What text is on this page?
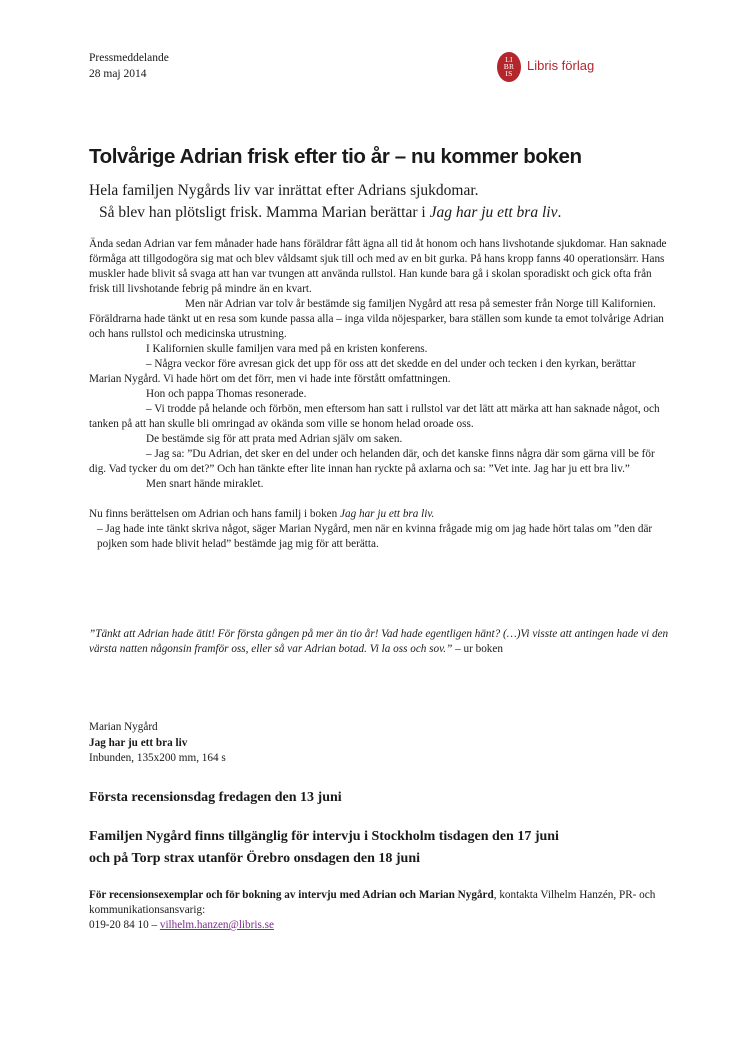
Pressmeddelande
28 maj 2014
LI
BR
IS
Libris förlag
Tolvårige Adrian frisk efter tio år – nu kommer boken
Hela familjen Nygårds liv var inrättat efter Adrians sjukdomar.
Så blev han plötsligt frisk. Mamma Marian berättar i Jag har ju ett bra liv.

Ända sedan Adrian var fem månader hade hans föräldrar fått ägna all tid åt honom och hans livshotande sjukdomar. Han saknade förmåga att tillgodogöra sig mat och blev våldsamt sjuk till och med av en bit gurka. På hans kropp fanns 40 operationsärr. Hans muskler hade blivit så svaga att han var tvungen att använda rullstol. Han kunde bara gå i skolan sporadiskt och gick ofta från frisk till livshotande febrig på mindre än en kvart.

Men när Adrian var tolv år bestämde sig familjen Nygård att resa på semester från Norge till Kalifornien. Föräldrarna hade tänkt ut en resa som kunde passa alla – inga vilda nöjesparker, bara ställen som kunde ta emot tolvårige Adrian och hans rullstol och medicinska utrustning.

I Kalifornien skulle familjen vara med på en kristen konferens.

– Några veckor före avresan gick det upp för oss att det skedde en del under och tecken i den kyrkan, berättar Marian Nygård. Vi hade hört om det förr, men vi hade inte förstått omfattningen.

Hon och pappa Thomas resonerade.

– Vi trodde på helande och förbön, men eftersom han satt i rullstol var det lätt att märka att han saknade något, och tanken på att han skulle bli omringad av okända som ville se honom helad oroade oss.

De bestämde sig för att prata med Adrian själv om saken.

– Jag sa: ”Du Adrian, det sker en del under och helanden där, och det kanske finns några där som gärna vill be för dig. Vad tycker du om det?” Och han tänkte efter lite innan han ryckte på axlarna och sa: ”Vet inte. Jag har ju ett bra liv.”

Men snart hände miraklet.

Nu finns berättelsen om Adrian och hans familj i boken Jag har ju ett bra liv.

– Jag hade inte tänkt skriva något, säger Marian Nygård, men när en kvinna frågade mig om jag hade hört talas om ”den där pojken som hade blivit helad” bestämde jag mig för att berätta.

”Tänkt att Adrian hade ätit! För första gången på mer än tio år! Vad hade egentligen hänt? (…)Vi visste att antingen hade vi den värsta natten någonsin framför oss, eller så var Adrian botad. Vi la oss och sov.” – ur boken
Marian Nygård
Jag har ju ett bra liv
Inbunden, 135x200 mm, 164 s
Första recensionsdag fredagen den 13 juni
Familjen Nygård finns tillgänglig för intervju i Stockholm tisdagen den 17 juni
och på Torp strax utanför Örebro onsdagen den 18 juni
För recensionsexemplar och för bokning av intervju med Adrian och Marian Nygård, kontakta Vilhelm Hanzén, PR- och kommunikationsansvarig:
019-20 84 10 – vilhelm.hanzen@libris.se
